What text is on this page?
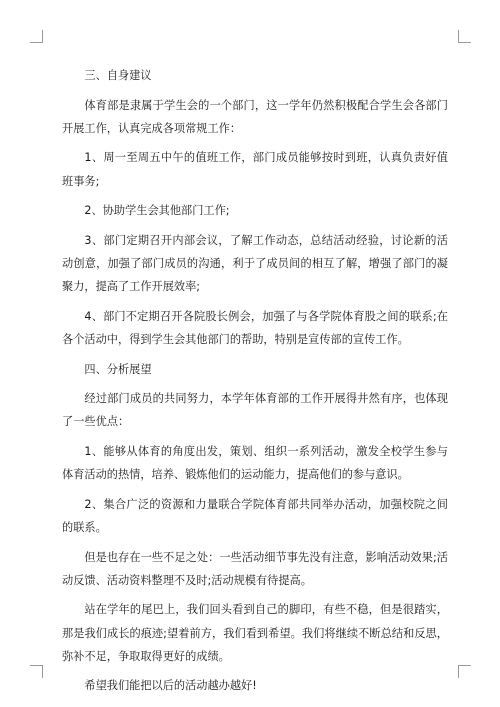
三、自身建议

体育部是隶属于学生会的一个部门，这一学年仍然积极配合学生会各部门开展工作，认真完成各项常规工作：

1、周一至周五中午的值班工作，部门成员能够按时到班，认真负责好值班事务;

2、协助学生会其他部门工作;

3、部门定期召开内部会议，了解工作动态，总结活动经验，讨论新的活动创意，加强了部门成员的沟通，利于了成员间的相互了解，增强了部门的凝聚力，提高了工作开展效率;

4、部门不定期召开各院股长例会，加强了与各学院体育股之间的联系;在各个活动中，得到学生会其他部门的帮助，特别是宣传部的宣传工作。

四、分析展望

经过部门成员的共同努力，本学年体育部的工作开展得井然有序，也体现了一些优点：

1、能够从体育的角度出发，策划、组织一系列活动，激发全校学生参与体育活动的热情，培养、锻炼他们的运动能力，提高他们的参与意识。

2、集合广泛的资源和力量联合学院体育部共同举办活动，加强校院之间的联系。

但是也存在一些不足之处：一些活动细节事先没有注意，影响活动效果;活动反馈、活动资料整理不及时;活动规模有待提高。

站在学年的尾巴上，我们回头看到自己的脚印，有些不稳，但是很踏实，那是我们成长的痕迹;望着前方，我们看到希望。我们将继续不断总结和反思，弥补不足，争取取得更好的成绩。

希望我们能把以后的活动越办越好!
